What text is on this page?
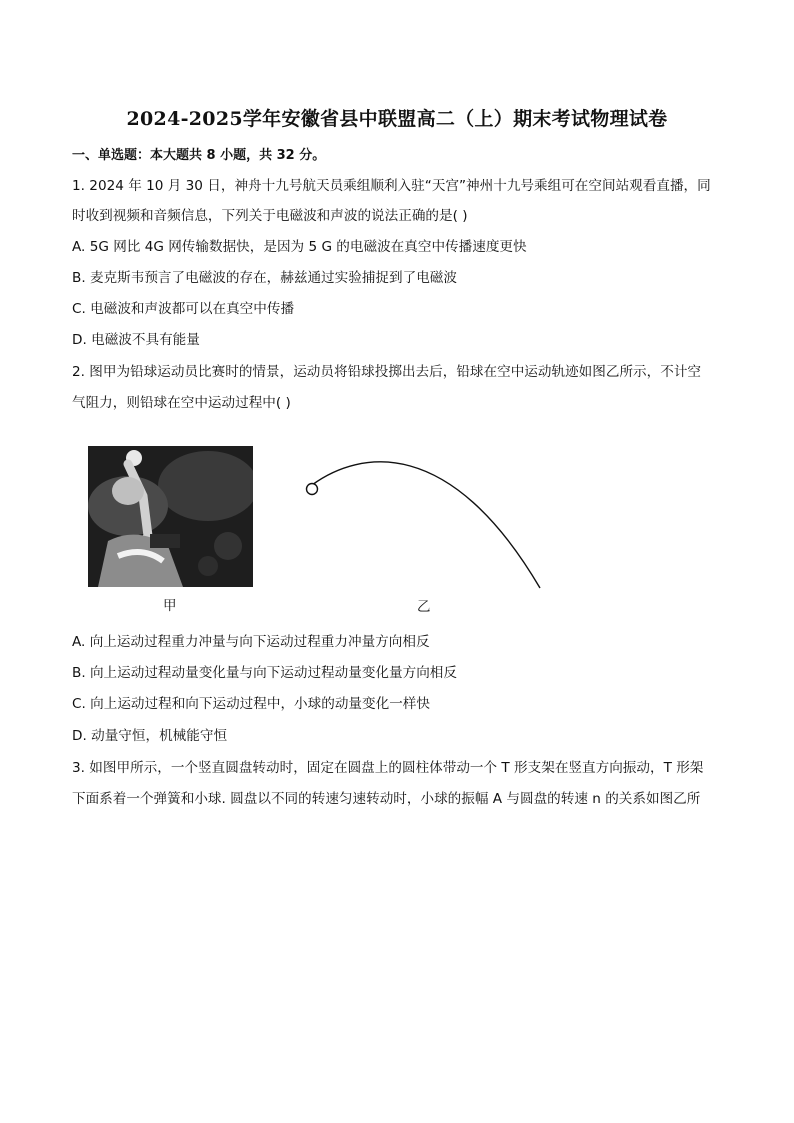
2024-2025学年安徽省县中联盟高二（上）期末考试物理试卷
一、单选题：本大题共 8 小题，共 32 分。
1. 2024 年 10 月 30 日，神舟十九号航天员乘组顺利入驻“天宫”神州十九号乘组可在空间站观看直播，同
时收到视频和音频信息，下列关于电磁波和声波的说法正确的是( )
A. 5G 网比 4G 网传输数据快，是因为 5 G 的电磁波在真空中传播速度更快
B. 麦克斯韦预言了电磁波的存在，赫兹通过实验捕捉到了电磁波
C. 电磁波和声波都可以在真空中传播
D. 电磁波不具有能量
2. 图甲为铅球运动员比赛时的情景，运动员将铅球投掷出去后，铅球在空中运动轨迹如图乙所示，不计空
气阻力，则铅球在空中运动过程中( )
甲	乙
A. 向上运动过程重力冲量与向下运动过程重力冲量方向相反
B. 向上运动过程动量变化量与向下运动过程动量变化量方向相反
C. 向上运动过程和向下运动过程中，小球的动量变化一样快
D. 动量守恒，机械能守恒
3. 如图甲所示，一个竖直圆盘转动时，固定在圆盘上的圆柱体带动一个 T 形支架在竖直方向振动，T 形架
下面系着一个弹簧和小球. 圆盘以不同的转速匀速转动时，小球的振幅 A 与圆盘的转速 n 的关系如图乙所
